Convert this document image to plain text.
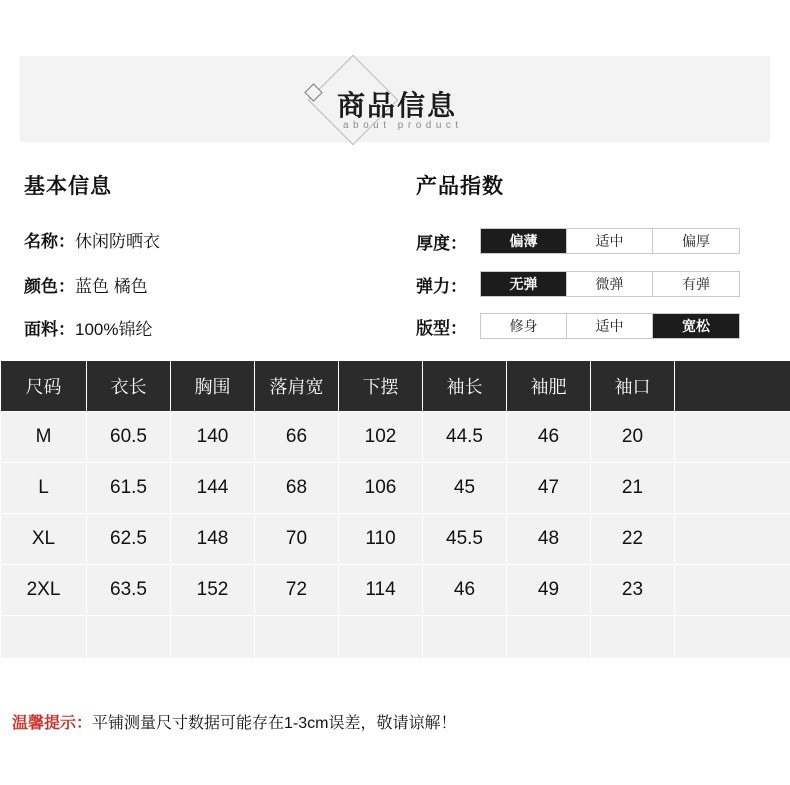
商品信息
about product
基本信息
名称：休闲防晒衣
颜色：蓝色 橘色
面料：100%锦纶
产品指数
厚度：	偏薄	适中	偏厚
弹力：	无弹	微弹	有弹
版型：	修身	适中	宽松
尺码	衣长	胸围	落肩宽	下摆	袖长	袖肥	袖口	
M	60.5	140	66	102	44.5	46	20	
L	61.5	144	68	106	45	47	21	
XL	62.5	148	70	110	45.5	48	22	
2XL	63.5	152	72	114	46	49	23	

温馨提示：平铺测量尺寸数据可能存在1-3cm误差，敬请谅解！
